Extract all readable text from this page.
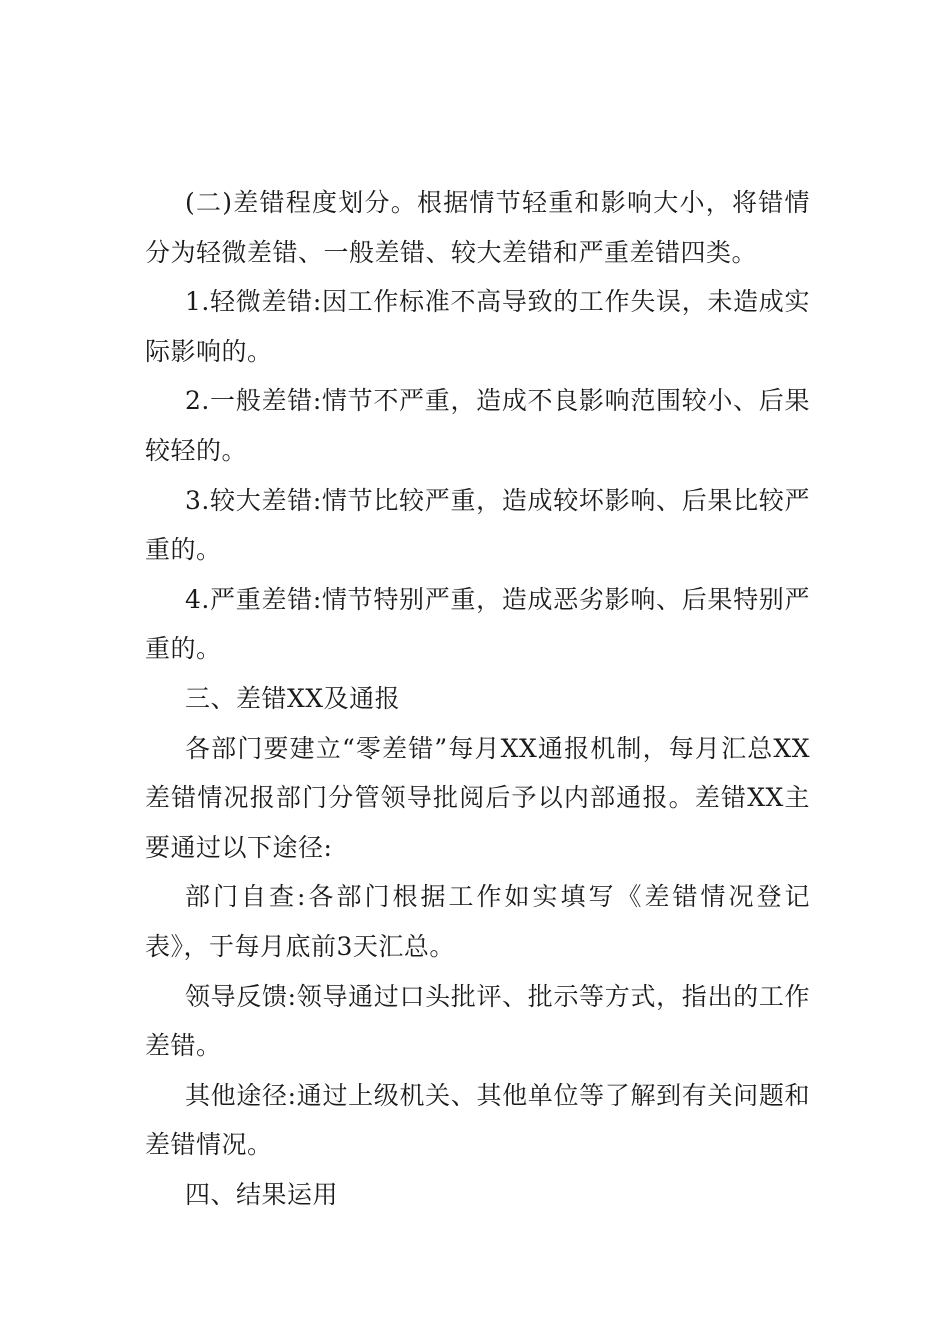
(二)差错程度划分。根据情节轻重和影响大小，将错情分为轻微差错、一般差错、较大差错和严重差错四类。

1.轻微差错:因工作标准不高导致的工作失误，未造成实际影响的。

2.一般差错:情节不严重，造成不良影响范围较小、后果较轻的。

3.较大差错:情节比较严重，造成较坏影响、后果比较严重的。

4.严重差错:情节特别严重，造成恶劣影响、后果特别严重的。

三、差错XX及通报

各部门要建立“零差错”每月XX通报机制，每月汇总XX差错情况报部门分管领导批阅后予以内部通报。差错XX主要通过以下途径:

部门自查:各部门根据工作如实填写《差错情况登记表》，于每月底前3天汇总。

领导反馈:领导通过口头批评、批示等方式，指出的工作差错。

其他途径:通过上级机关、其他单位等了解到有关问题和差错情况。

四、结果运用
